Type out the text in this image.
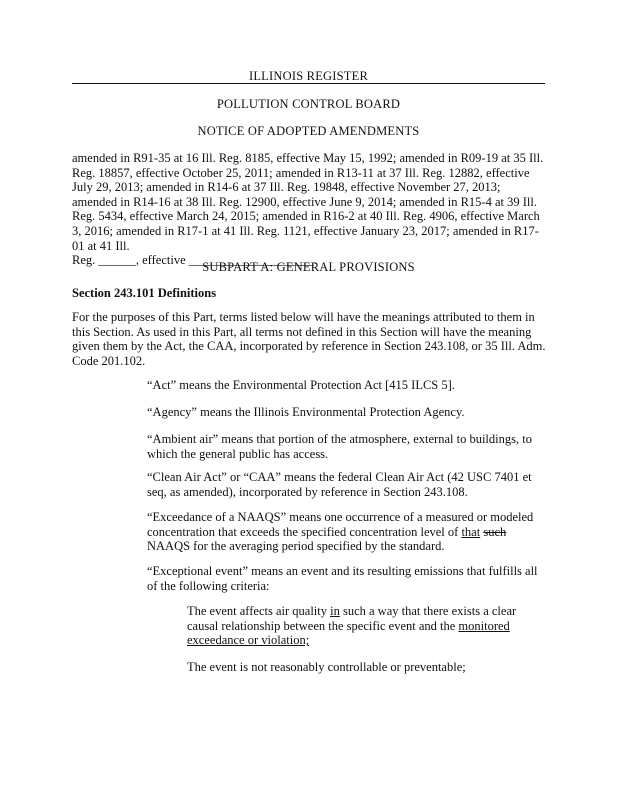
ILLINOIS REGISTER
POLLUTION CONTROL BOARD
NOTICE OF ADOPTED AMENDMENTS
amended in R91-35 at 16 Ill. Reg. 8185, effective May 15, 1992; amended in R09-19 at 35 Ill. Reg. 18857, effective October 25, 2011; amended in R13-11 at 37 Ill. Reg. 12882, effective July 29, 2013; amended in R14-6 at 37 Ill. Reg. 19848, effective November 27, 2013; amended in R14-16 at 38 Ill. Reg. 12900, effective June 9, 2014; amended in R15-4 at 39 Ill. Reg. 5434, effective March 24, 2015; amended in R16-2 at 40 Ill. Reg. 4906, effective March 3, 2016; amended in R17-1 at 41 Ill. Reg. 1121, effective January 23, 2017; amended in R17-01 at 41 Ill.
Reg. ______, effective ____________________.
SUBPART A: GENERAL PROVISIONS
Section 243.101 Definitions
For the purposes of this Part, terms listed below will have the meanings attributed to them in this Section. As used in this Part, all terms not defined in this Section will have the meaning given them by the Act, the CAA, incorporated by reference in Section 243.108, or 35 Ill. Adm. Code 201.102.
“Act” means the Environmental Protection Act [415 ILCS 5].
“Agency” means the Illinois Environmental Protection Agency.
“Ambient air” means that portion of the atmosphere, external to buildings, to which the general public has access.
“Clean Air Act” or “CAA” means the federal Clean Air Act (42 USC 7401 et seq, as amended), incorporated by reference in Section 243.108.
“Exceedance of a NAAQS” means one occurrence of a measured or modeled concentration that exceeds the specified concentration level of that such NAAQS for the averaging period specified by the standard.
“Exceptional event” means an event and its resulting emissions that fulfills all of the following criteria:
The event affects air quality in such a way that there exists a clear causal relationship between the specific event and the monitored exceedance or violation;
The event is not reasonably controllable or preventable;
